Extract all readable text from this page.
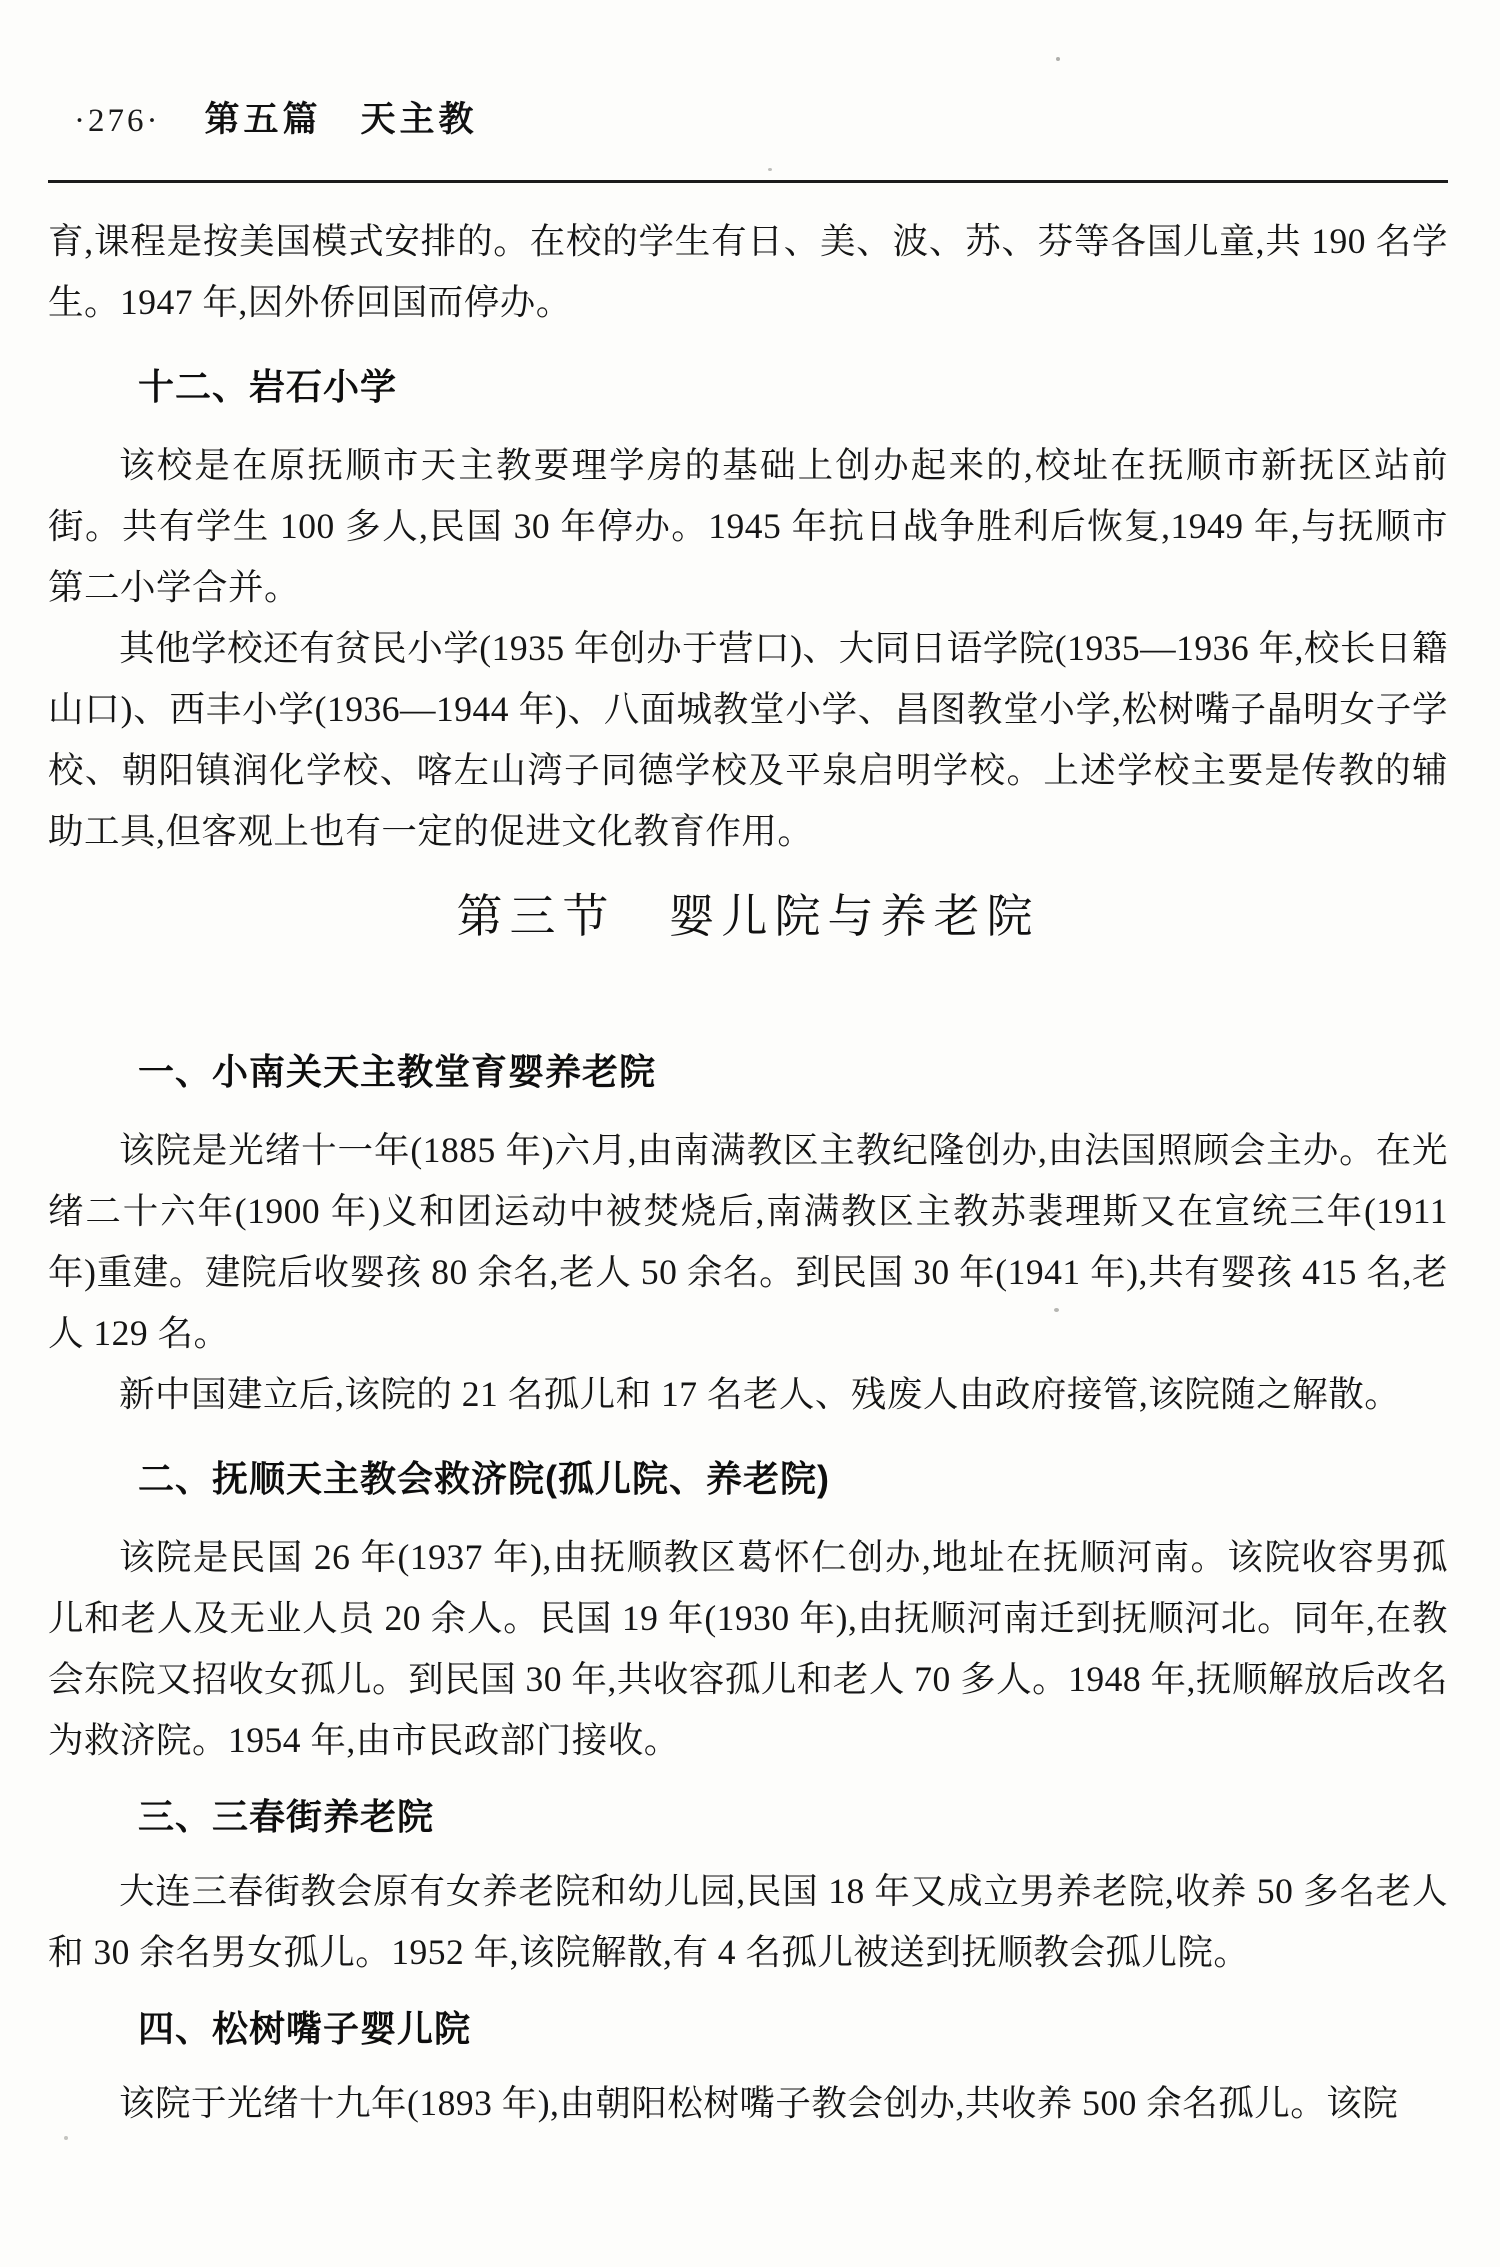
·276· 第五篇　天主教

育,课程是按美国模式安排的。在校的学生有日、美、波、苏、芬等各国儿童,共 190 名学生。1947 年,因外侨回国而停办。

十二、岩石小学

该校是在原抚顺市天主教要理学房的基础上创办起来的,校址在抚顺市新抚区站前街。共有学生 100 多人,民国 30 年停办。1945 年抗日战争胜利后恢复,1949 年,与抚顺市第二小学合并。

其他学校还有贫民小学(1935 年创办于营口)、大同日语学院(1935—1936 年,校长日籍山口)、西丰小学(1936—1944 年)、八面城教堂小学、昌图教堂小学,松树嘴子晶明女子学校、朝阳镇润化学校、喀左山湾子同德学校及平泉启明学校。上述学校主要是传教的辅助工具,但客观上也有一定的促进文化教育作用。

第三节　婴儿院与养老院
一、小南关天主教堂育婴养老院

该院是光绪十一年(1885 年)六月,由南满教区主教纪隆创办,由法国照顾会主办。在光绪二十六年(1900 年)义和团运动中被焚烧后,南满教区主教苏裴理斯又在宣统三年(1911 年)重建。建院后收婴孩 80 余名,老人 50 余名。到民国 30 年(1941 年),共有婴孩 415 名,老人 129 名。

新中国建立后,该院的 21 名孤儿和 17 名老人、残废人由政府接管,该院随之解散。

二、抚顺天主教会救济院(孤儿院、养老院)

该院是民国 26 年(1937 年),由抚顺教区葛怀仁创办,地址在抚顺河南。该院收容男孤儿和老人及无业人员 20 余人。民国 19 年(1930 年),由抚顺河南迁到抚顺河北。同年,在教会东院又招收女孤儿。到民国 30 年,共收容孤儿和老人 70 多人。1948 年,抚顺解放后改名为救济院。1954 年,由市民政部门接收。

三、三春街养老院

大连三春街教会原有女养老院和幼儿园,民国 18 年又成立男养老院,收养 50 多名老人和 30 余名男女孤儿。1952 年,该院解散,有 4 名孤儿被送到抚顺教会孤儿院。

四、松树嘴子婴儿院

该院于光绪十九年(1893 年),由朝阳松树嘴子教会创办,共收养 500 余名孤儿。该院
